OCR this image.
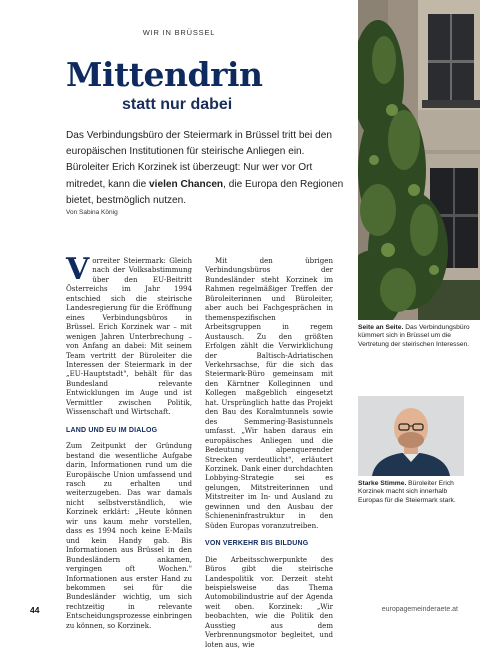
WIR IN BRÜSSEL
Mittendrin
statt nur dabei
Das Verbindungsbüro der Steiermark in Brüssel tritt bei den europäischen Institutionen für steirische Anliegen ein. Büroleiter Erich Korzinek ist überzeugt: Nur wer vor Ort mitredet, kann die vielen Chancen, die Europa den Regionen bietet, bestmöglich nutzen.
Von Sabina König

Vorreiter Steiermark: Gleich nach der Volksabstimmung über den EU-Beitritt Österreichs im Jahr 1994 entschied sich die steirische Landesregierung für die Eröffnung eines Verbindungsbüros in Brüssel. Erich Korzinek war – mit wenigen Jahren Unterbrechung – von Anfang an dabei: Mit seinem Team vertritt der Büroleiter die Interessen der Steiermark in der „EU-Hauptstadt", behält für das Bundesland relevante Entwicklungen im Auge und ist Vermittler zwischen Politik, Wissenschaft und Wirtschaft.

LAND UND EU IM DIALOG

Zum Zeitpunkt der Gründung bestand die wesentliche Aufgabe darin, Informationen rund um die Europäische Union umfassend und rasch zu erhalten und weiterzugeben. Das war damals nicht selbstverständlich, wie Korzinek erklärt: „Heute können wir uns kaum mehr vorstellen, dass es 1994 noch keine E-Mails und kein Handy gab. Bis Informationen aus Brüssel in den Bundesländern ankamen, vergingen oft Wochen." Informationen aus erster Hand zu bekommen sei für die Bundesländer wichtig, um sich rechtzeitig in relevante Entscheidungsprozesse einbringen zu können, so Korzinek.

Mit den übrigen Verbindungsbüros der Bundesländer steht Korzinek im Rahmen regelmäßiger Treffen der Büroleiterinnen und Büroleiter, aber auch bei Fachgesprächen in themenspezifischen Arbeitsgruppen in regem Austausch. Zu den größten Erfolgen zählt die Verwirklichung der Baltisch-Adriatischen Verkehrsachse, für die sich das Steiermark-Büro gemeinsam mit den Kärntner Kolleginnen und Kollegen maßgeblich eingesetzt hat. Ursprünglich hatte das Projekt den Bau des Koralmtunnels sowie des Semmering-Basistunnels umfasst. „Wir haben daraus ein europäisches Anliegen und die Bedeutung alpenquerender Strecken verdeutlicht", erläutert Korzinek. Dank einer durchdachten Lobbying-Strategie sei es gelungen, Mitstreiterinnen und Mitstreiter im In- und Ausland zu gewinnen und den Ausbau der Schieneninfrastruktur in den Süden Europas voranzutreiben.

VON VERKEHR BIS BILDUNG

Die Arbeitsschwerpunkte des Büros gibt die steirische Landespolitik vor. Derzeit steht beispielsweise das Thema Automobilindustrie auf der Agenda weit oben. Korzinek: „Wir beobachten, wie die Politik den Ausstieg aus dem Verbrennungsmotor begleitet, und loten aus, wie

Seite an Seite. Das Verbindungsbüro kümmert sich in Brüssel um die Vertretung der steirischen Interessen.
Starke Stimme. Büroleiter Erich Korzinek macht sich innerhalb Europas für die Steiermark stark.
44	europagemeinderaete.at
